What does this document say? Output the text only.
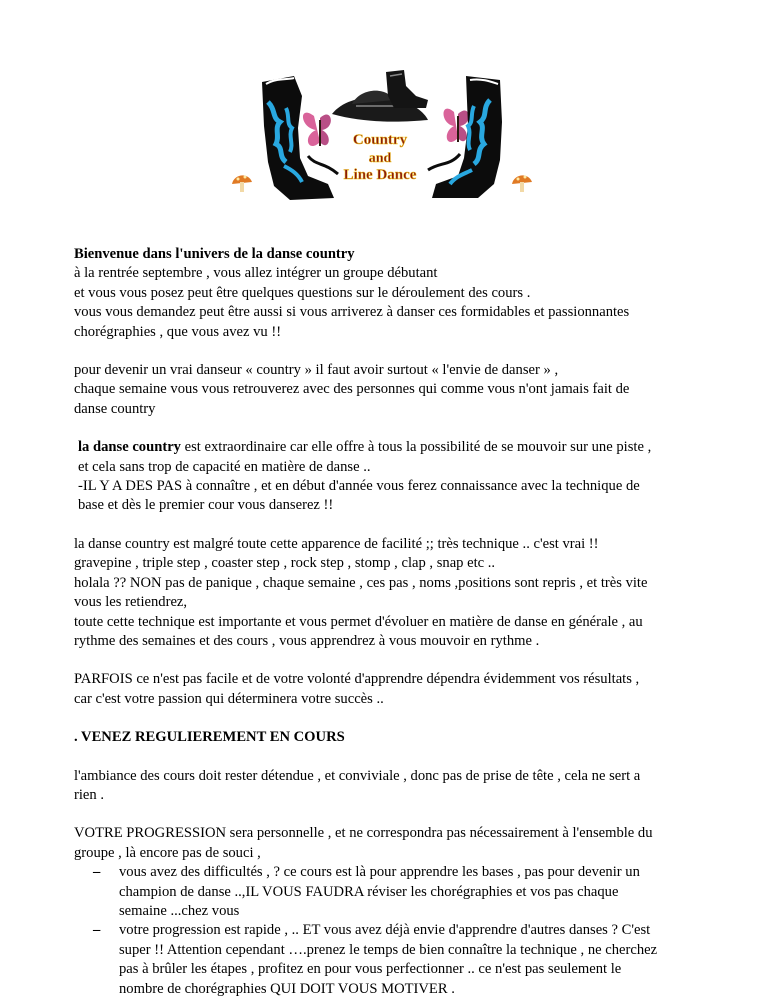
Country
and
Line Dance

Bienvenue dans l'univers de la danse country
à la rentrée septembre , vous allez intégrer un groupe débutant
et vous vous posez peut être quelques questions sur le déroulement des cours .
vous vous demandez peut être aussi si vous arriverez à danser ces formidables et passionnantes
chorégraphies , que vous avez vu !!

pour devenir un vrai danseur « country » il faut avoir surtout « l'envie de danser » ,
chaque semaine vous vous retrouverez avec des personnes qui comme vous n'ont jamais fait de
danse country

la danse country est extraordinaire car elle offre à tous la possibilité de se mouvoir sur une piste ,
et cela sans trop de capacité en matière de danse ..
-IL Y A DES PAS à connaître , et en début d'année vous ferez connaissance avec la technique de
base et dès le premier cour vous danserez !!

la danse country est malgré toute cette apparence de facilité ;; très technique .. c'est vrai !!
gravepine , triple step , coaster step , rock step , stomp , clap , snap etc ..
holala ?? NON pas de panique , chaque semaine , ces pas , noms ,positions sont repris , et très vite
vous les retiendrez,
toute cette technique est importante et vous permet d'évoluer en matière de danse en générale , au
rythme des semaines et des cours , vous apprendrez à vous mouvoir en rythme .

PARFOIS ce n'est pas facile et de votre volonté d'apprendre dépendra évidemment vos résultats ,
car c'est votre passion qui déterminera votre succès ..

. VENEZ REGULIEREMENT EN COURS

l'ambiance des cours doit rester détendue , et conviviale , donc pas de prise de tête , cela ne sert a
rien .

VOTRE PROGRESSION sera personnelle , et ne correspondra pas nécessairement à l'ensemble du
groupe , là encore pas de souci ,

– vous avez des difficultés , ? ce cours est là pour apprendre les bases , pas pour devenir un
champion de danse ..,IL VOUS FAUDRA réviser les chorégraphies et vos pas chaque
semaine ...chez vous
– votre progression est rapide , .. ET vous avez déjà envie d'apprendre d'autres danses ? C'est
super !! Attention cependant ….prenez le temps de bien connaître la technique , ne cherchez
pas à brûler les étapes , profitez en pour vous perfectionner .. ce n'est pas seulement le
nombre de chorégraphies QUI DOIT VOUS MOTIVER .
